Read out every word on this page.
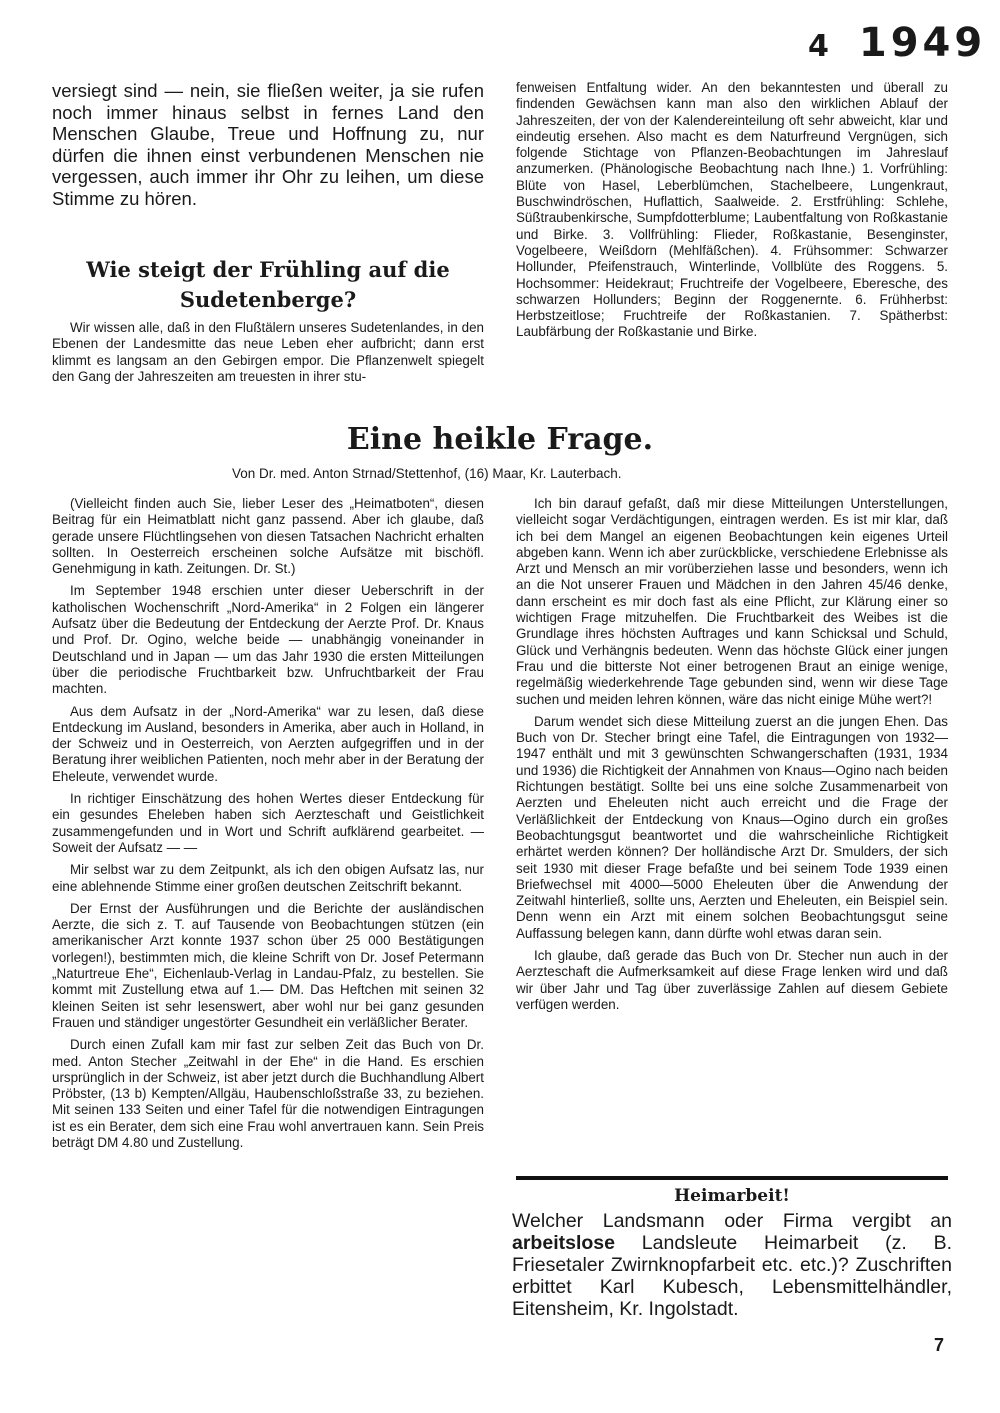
4 1949

versiegt sind — nein, sie fließen weiter, ja sie rufen noch immer hinaus selbst in fernes Land den Menschen Glaube, Treue und Hoffnung zu, nur dürfen die ihnen einst verbundenen Menschen nie vergessen, auch immer ihr Ohr zu leihen, um diese Stimme zu hören.

Wie steigt der Frühling auf die
Sudetenberge?

Wir wissen alle, daß in den Flußtälern unseres Sudetenlandes, in den Ebenen der Landesmitte das neue Leben eher aufbricht; dann erst klimmt es langsam an den Gebirgen empor. Die Pflanzenwelt spiegelt den Gang der Jahreszeiten am treuesten in ihrer stu-

fenweisen Entfaltung wider. An den bekanntesten und überall zu findenden Gewächsen kann man also den wirklichen Ablauf der Jahreszeiten, der von der Kalendereinteilung oft sehr abweicht, klar und eindeutig ersehen. Also macht es dem Naturfreund Vergnügen, sich folgende Stichtage von Pflanzen-Beobachtungen im Jahreslauf anzumerken. (Phänologische Beobachtung nach Ihne.) 1. Vorfrühling: Blüte von Hasel, Leberblümchen, Stachelbeere, Lungenkraut, Buschwindröschen, Huflattich, Saalweide. 2. Erstfrühling: Schlehe, Süßtraubenkirsche, Sumpfdotterblume; Laubentfaltung von Roßkastanie und Birke. 3. Vollfrühling: Flieder, Roßkastanie, Besenginster, Vogelbeere, Weißdorn (Mehlfäßchen). 4. Frühsommer: Schwarzer Hollunder, Pfeifenstrauch, Winterlinde, Vollblüte des Roggens. 5. Hochsommer: Heidekraut; Fruchtreife der Vogelbeere, Eberesche, des schwarzen Hollunders; Beginn der Roggenernte. 6. Frühherbst: Herbstzeitlose; Fruchtreife der Roßkastanien. 7. Spätherbst: Laubfärbung der Roßkastanie und Birke.

Eine heikle Frage.
Von Dr. med. Anton Strnad/Stettenhof, (16) Maar, Kr. Lauterbach.

(Vielleicht finden auch Sie, lieber Leser des „Heimatboten“, diesen Beitrag für ein Heimatblatt nicht ganz passend. Aber ich glaube, daß gerade unsere Flüchtlingsehen von diesen Tatsachen Nachricht erhalten sollten. In Oesterreich erscheinen solche Aufsätze mit bischöfl. Genehmigung in kath. Zeitungen. Dr. St.)

Im September 1948 erschien unter dieser Ueberschrift in der katholischen Wochenschrift „Nord-Amerika“ in 2 Folgen ein längerer Aufsatz über die Bedeutung der Entdeckung der Aerzte Prof. Dr. Knaus und Prof. Dr. Ogino, welche beide — unabhängig voneinander in Deutschland und in Japan — um das Jahr 1930 die ersten Mitteilungen über die periodische Fruchtbarkeit bzw. Unfruchtbarkeit der Frau machten.

Aus dem Aufsatz in der „Nord-Amerika“ war zu lesen, daß diese Entdeckung im Ausland, besonders in Amerika, aber auch in Holland, in der Schweiz und in Oesterreich, von Aerzten aufgegriffen und in der Beratung ihrer weiblichen Patienten, noch mehr aber in der Beratung der Eheleute, verwendet wurde.

In richtiger Einschätzung des hohen Wertes dieser Entdeckung für ein gesundes Eheleben haben sich Aerzteschaft und Geistlichkeit zusammengefunden und in Wort und Schrift aufklärend gearbeitet. — Soweit der Aufsatz — —

Mir selbst war zu dem Zeitpunkt, als ich den obigen Aufsatz las, nur eine ablehnende Stimme einer großen deutschen Zeitschrift bekannt.

Der Ernst der Ausführungen und die Berichte der ausländischen Aerzte, die sich z. T. auf Tausende von Beobachtungen stützen (ein amerikanischer Arzt konnte 1937 schon über 25 000 Bestätigungen vorlegen!), bestimmten mich, die kleine Schrift von Dr. Josef Petermann „Naturtreue Ehe“, Eichenlaub-Verlag in Landau-Pfalz, zu bestellen. Sie kommt mit Zustellung etwa auf 1.— DM. Das Heftchen mit seinen 32 kleinen Seiten ist sehr lesenswert, aber wohl nur bei ganz gesunden Frauen und ständiger ungestörter Gesundheit ein verläßlicher Berater.

Durch einen Zufall kam mir fast zur selben Zeit das Buch von Dr. med. Anton Stecher „Zeitwahl in der Ehe“ in die Hand. Es erschien ursprünglich in der Schweiz, ist aber jetzt durch die Buchhandlung Albert Pröbster, (13 b) Kempten/Allgäu, Haubenschloßstraße 33, zu beziehen. Mit seinen 133 Seiten und einer Tafel für die notwendigen Eintragungen ist es ein Berater, dem sich eine Frau wohl anvertrauen kann. Sein Preis beträgt DM 4.80 und Zustellung.

Ich bin darauf gefaßt, daß mir diese Mitteilungen Unterstellungen, vielleicht sogar Verdächtigungen, eintragen werden. Es ist mir klar, daß ich bei dem Mangel an eigenen Beobachtungen kein eigenes Urteil abgeben kann. Wenn ich aber zurückblicke, verschiedene Erlebnisse als Arzt und Mensch an mir vorüberziehen lasse und besonders, wenn ich an die Not unserer Frauen und Mädchen in den Jahren 45/46 denke, dann erscheint es mir doch fast als eine Pflicht, zur Klärung einer so wichtigen Frage mitzuhelfen. Die Fruchtbarkeit des Weibes ist die Grundlage ihres höchsten Auftrages und kann Schicksal und Schuld, Glück und Verhängnis bedeuten. Wenn das höchste Glück einer jungen Frau und die bitterste Not einer betrogenen Braut an einige wenige, regelmäßig wiederkehrende Tage gebunden sind, wenn wir diese Tage suchen und meiden lehren können, wäre das nicht einige Mühe wert?!

Darum wendet sich diese Mitteilung zuerst an die jungen Ehen. Das Buch von Dr. Stecher bringt eine Tafel, die Eintragungen von 1932—1947 enthält und mit 3 gewünschten Schwangerschaften (1931, 1934 und 1936) die Richtigkeit der Annahmen von Knaus—Ogino nach beiden Richtungen bestätigt. Sollte bei uns eine solche Zusammenarbeit von Aerzten und Eheleuten nicht auch erreicht und die Frage der Verläßlichkeit der Entdeckung von Knaus—Ogino durch ein großes Beobachtungsgut beantwortet und die wahrscheinliche Richtigkeit erhärtet werden können? Der holländische Arzt Dr. Smulders, der sich seit 1930 mit dieser Frage befaßte und bei seinem Tode 1939 einen Briefwechsel mit 4000—5000 Eheleuten über die Anwendung der Zeitwahl hinterließ, sollte uns, Aerzten und Eheleuten, ein Beispiel sein. Denn wenn ein Arzt mit einem solchen Beobachtungsgut seine Auffassung belegen kann, dann dürfte wohl etwas daran sein.

Ich glaube, daß gerade das Buch von Dr. Stecher nun auch in der Aerzteschaft die Aufmerksamkeit auf diese Frage lenken wird und daß wir über Jahr und Tag über zuverlässige Zahlen auf diesem Gebiete verfügen werden.

Heimarbeit!
Welcher Landsmann oder Firma vergibt an arbeitslose Landsleute Heimarbeit (z. B. Friesetaler Zwirnknopfarbeit etc. etc.)? Zuschriften erbittet Karl Kubesch, Lebensmittelhändler, Eitensheim, Kr. Ingolstadt.
7
